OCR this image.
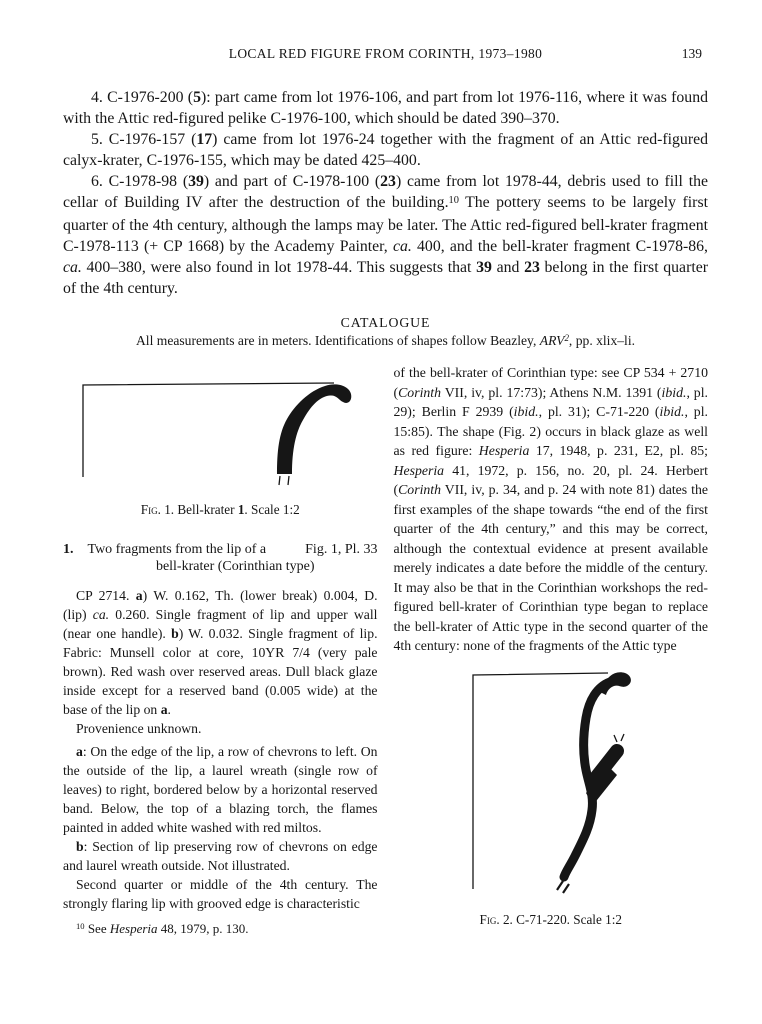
LOCAL RED FIGURE FROM CORINTH, 1973–1980	139

4. C-1976-200 (5): part came from lot 1976-106, and part from lot 1976-116, where it was found with the Attic red-figured pelike C-1976-100, which should be dated 390–370.

5. C-1976-157 (17) came from lot 1976-24 together with the fragment of an Attic red-figured calyx-krater, C-1976-155, which may be dated 425–400.

6. C-1978-98 (39) and part of C-1978-100 (23) came from lot 1978-44, debris used to fill the cellar of Building IV after the destruction of the building.$^{10}$ The pottery seems to be largely first quarter of the 4th century, although the lamps may be later. The Attic red-figured bell-krater fragment C-1978-113 (+ CP 1668) by the Academy Painter, ca. 400, and the bell-krater fragment C-1978-86, ca. 400–380, were also found in lot 1978-44. This suggests that 39 and 23 belong in the first quarter of the 4th century.

CATALOGUE
All measurements are in meters. Identifications of shapes follow Beazley, ARV$^2$, pp. xlix–li.
Fig. 1. Bell-krater 1. Scale 1:2
1. Two fragments from the lip of a	Fig. 1, Pl. 33
bell-krater (Corinthian type)

CP 2714. a) W. 0.162, Th. (lower break) 0.004, D. (lip) ca. 0.260. Single fragment of lip and upper wall (near one handle). b) W. 0.032. Single fragment of lip. Fabric: Munsell color at core, 10YR 7/4 (very pale brown). Red wash over reserved areas. Dull black glaze inside except for a reserved band (0.005 wide) at the base of the lip on a.

Provenience unknown.

a: On the edge of the lip, a row of chevrons to left. On the outside of the lip, a laurel wreath (single row of leaves) to right, bordered below by a horizontal reserved band. Below, the top of a blazing torch, the flames painted in added white washed with red miltos.

b: Section of lip preserving row of chevrons on edge and laurel wreath outside. Not illustrated.

Second quarter or middle of the 4th century. The strongly flaring lip with grooved edge is characteristic

$^{10}$ See Hesperia 48, 1979, p. 130.

of the bell-krater of Corinthian type: see CP 534 + 2710 (Corinth VII, iv, pl. 17:73); Athens N.M. 1391 (ibid., pl. 29); Berlin F 2939 (ibid., pl. 31); C-71-220 (ibid., pl. 15:85). The shape (Fig. 2) occurs in black glaze as well as red figure: Hesperia 17, 1948, p. 231, E2, pl. 85; Hesperia 41, 1972, p. 156, no. 20, pl. 24. Herbert (Corinth VII, iv, p. 34, and p. 24 with note 81) dates the first examples of the shape towards “the end of the first quarter of the 4th century,” and this may be correct, although the contextual evidence at present available merely indicates a date before the middle of the century. It may also be that in the Corinthian workshops the red-figured bell-krater of Corinthian type began to replace the bell-krater of Attic type in the second quarter of the 4th century: none of the fragments of the Attic type

Fig. 2. C-71-220. Scale 1:2
